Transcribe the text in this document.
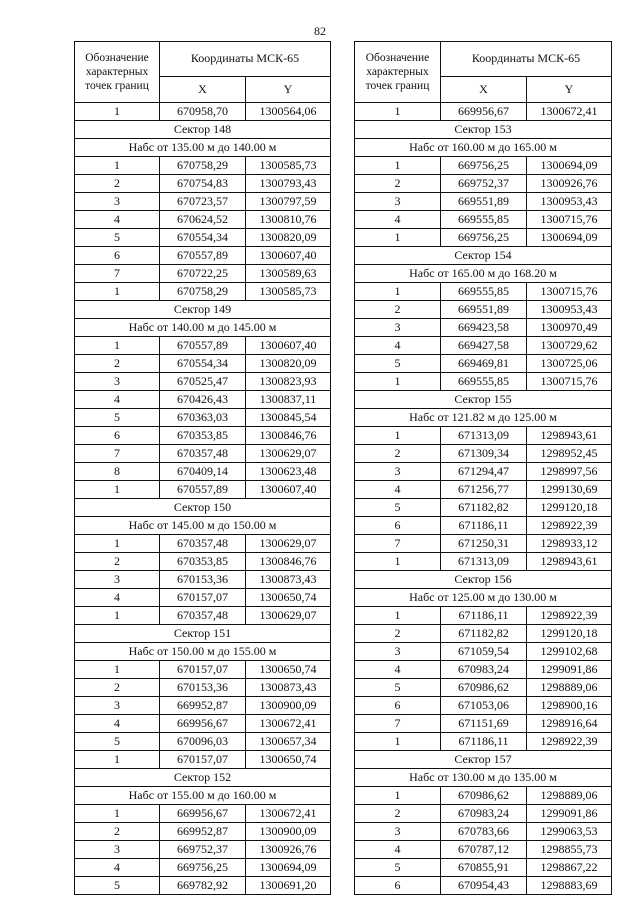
82
Обозначение характерных точек границ	Координаты МСК-65	
	X	Y
1	670958,70	1300564,06
Сектор 148		
Набс от 135.00 м до 140.00 м		
1	670758,29	1300585,73
2	670754,83	1300793,43
3	670723,57	1300797,59
4	670624,52	1300810,76
5	670554,34	1300820,09
6	670557,89	1300607,40
7	670722,25	1300589,63
1	670758,29	1300585,73
Сектор 149		
Набс от 140.00 м до 145.00 м		
1	670557,89	1300607,40
2	670554,34	1300820,09
3	670525,47	1300823,93
4	670426,43	1300837,11
5	670363,03	1300845,54
6	670353,85	1300846,76
7	670357,48	1300629,07
8	670409,14	1300623,48
1	670557,89	1300607,40
Сектор 150		
Набс от 145.00 м до 150.00 м		
1	670357,48	1300629,07
2	670353,85	1300846,76
3	670153,36	1300873,43
4	670157,07	1300650,74
1	670357,48	1300629,07
Сектор 151		
Набс от 150.00 м до 155.00 м		
1	670157,07	1300650,74
2	670153,36	1300873,43
3	669952,87	1300900,09
4	669956,67	1300672,41
5	670096,03	1300657,34
1	670157,07	1300650,74
Сектор 152		
Набс от 155.00 м до 160.00 м		
1	669956,67	1300672,41
2	669952,87	1300900,09
3	669752,37	1300926,76
4	669756,25	1300694,09
5	669782,92	1300691,20
Обозначение характерных точек границ	Координаты МСК-65	
	X	Y
1	669956,67	1300672,41
Сектор 153		
Набс от 160.00 м до 165.00 м		
1	669756,25	1300694,09
2	669752,37	1300926,76
3	669551,89	1300953,43
4	669555,85	1300715,76
1	669756,25	1300694,09
Сектор 154		
Набс от 165.00 м до 168.20 м		
1	669555,85	1300715,76
2	669551,89	1300953,43
3	669423,58	1300970,49
4	669427,58	1300729,62
5	669469,81	1300725,06
1	669555,85	1300715,76
Сектор 155		
Набс от 121.82 м до 125.00 м		
1	671313,09	1298943,61
2	671309,34	1298952,45
3	671294,47	1298997,56
4	671256,77	1299130,69
5	671182,82	1299120,18
6	671186,11	1298922,39
7	671250,31	1298933,12
1	671313,09	1298943,61
Сектор 156		
Набс от 125.00 м до 130.00 м		
1	671186,11	1298922,39
2	671182,82	1299120,18
3	671059,54	1299102,68
4	670983,24	1299091,86
5	670986,62	1298889,06
6	671053,06	1298900,16
7	671151,69	1298916,64
1	671186,11	1298922,39
Сектор 157		
Набс от 130.00 м до 135.00 м		
1	670986,62	1298889,06
2	670983,24	1299091,86
3	670783,66	1299063,53
4	670787,12	1298855,73
5	670855,91	1298867,22
6	670954,43	1298883,69
